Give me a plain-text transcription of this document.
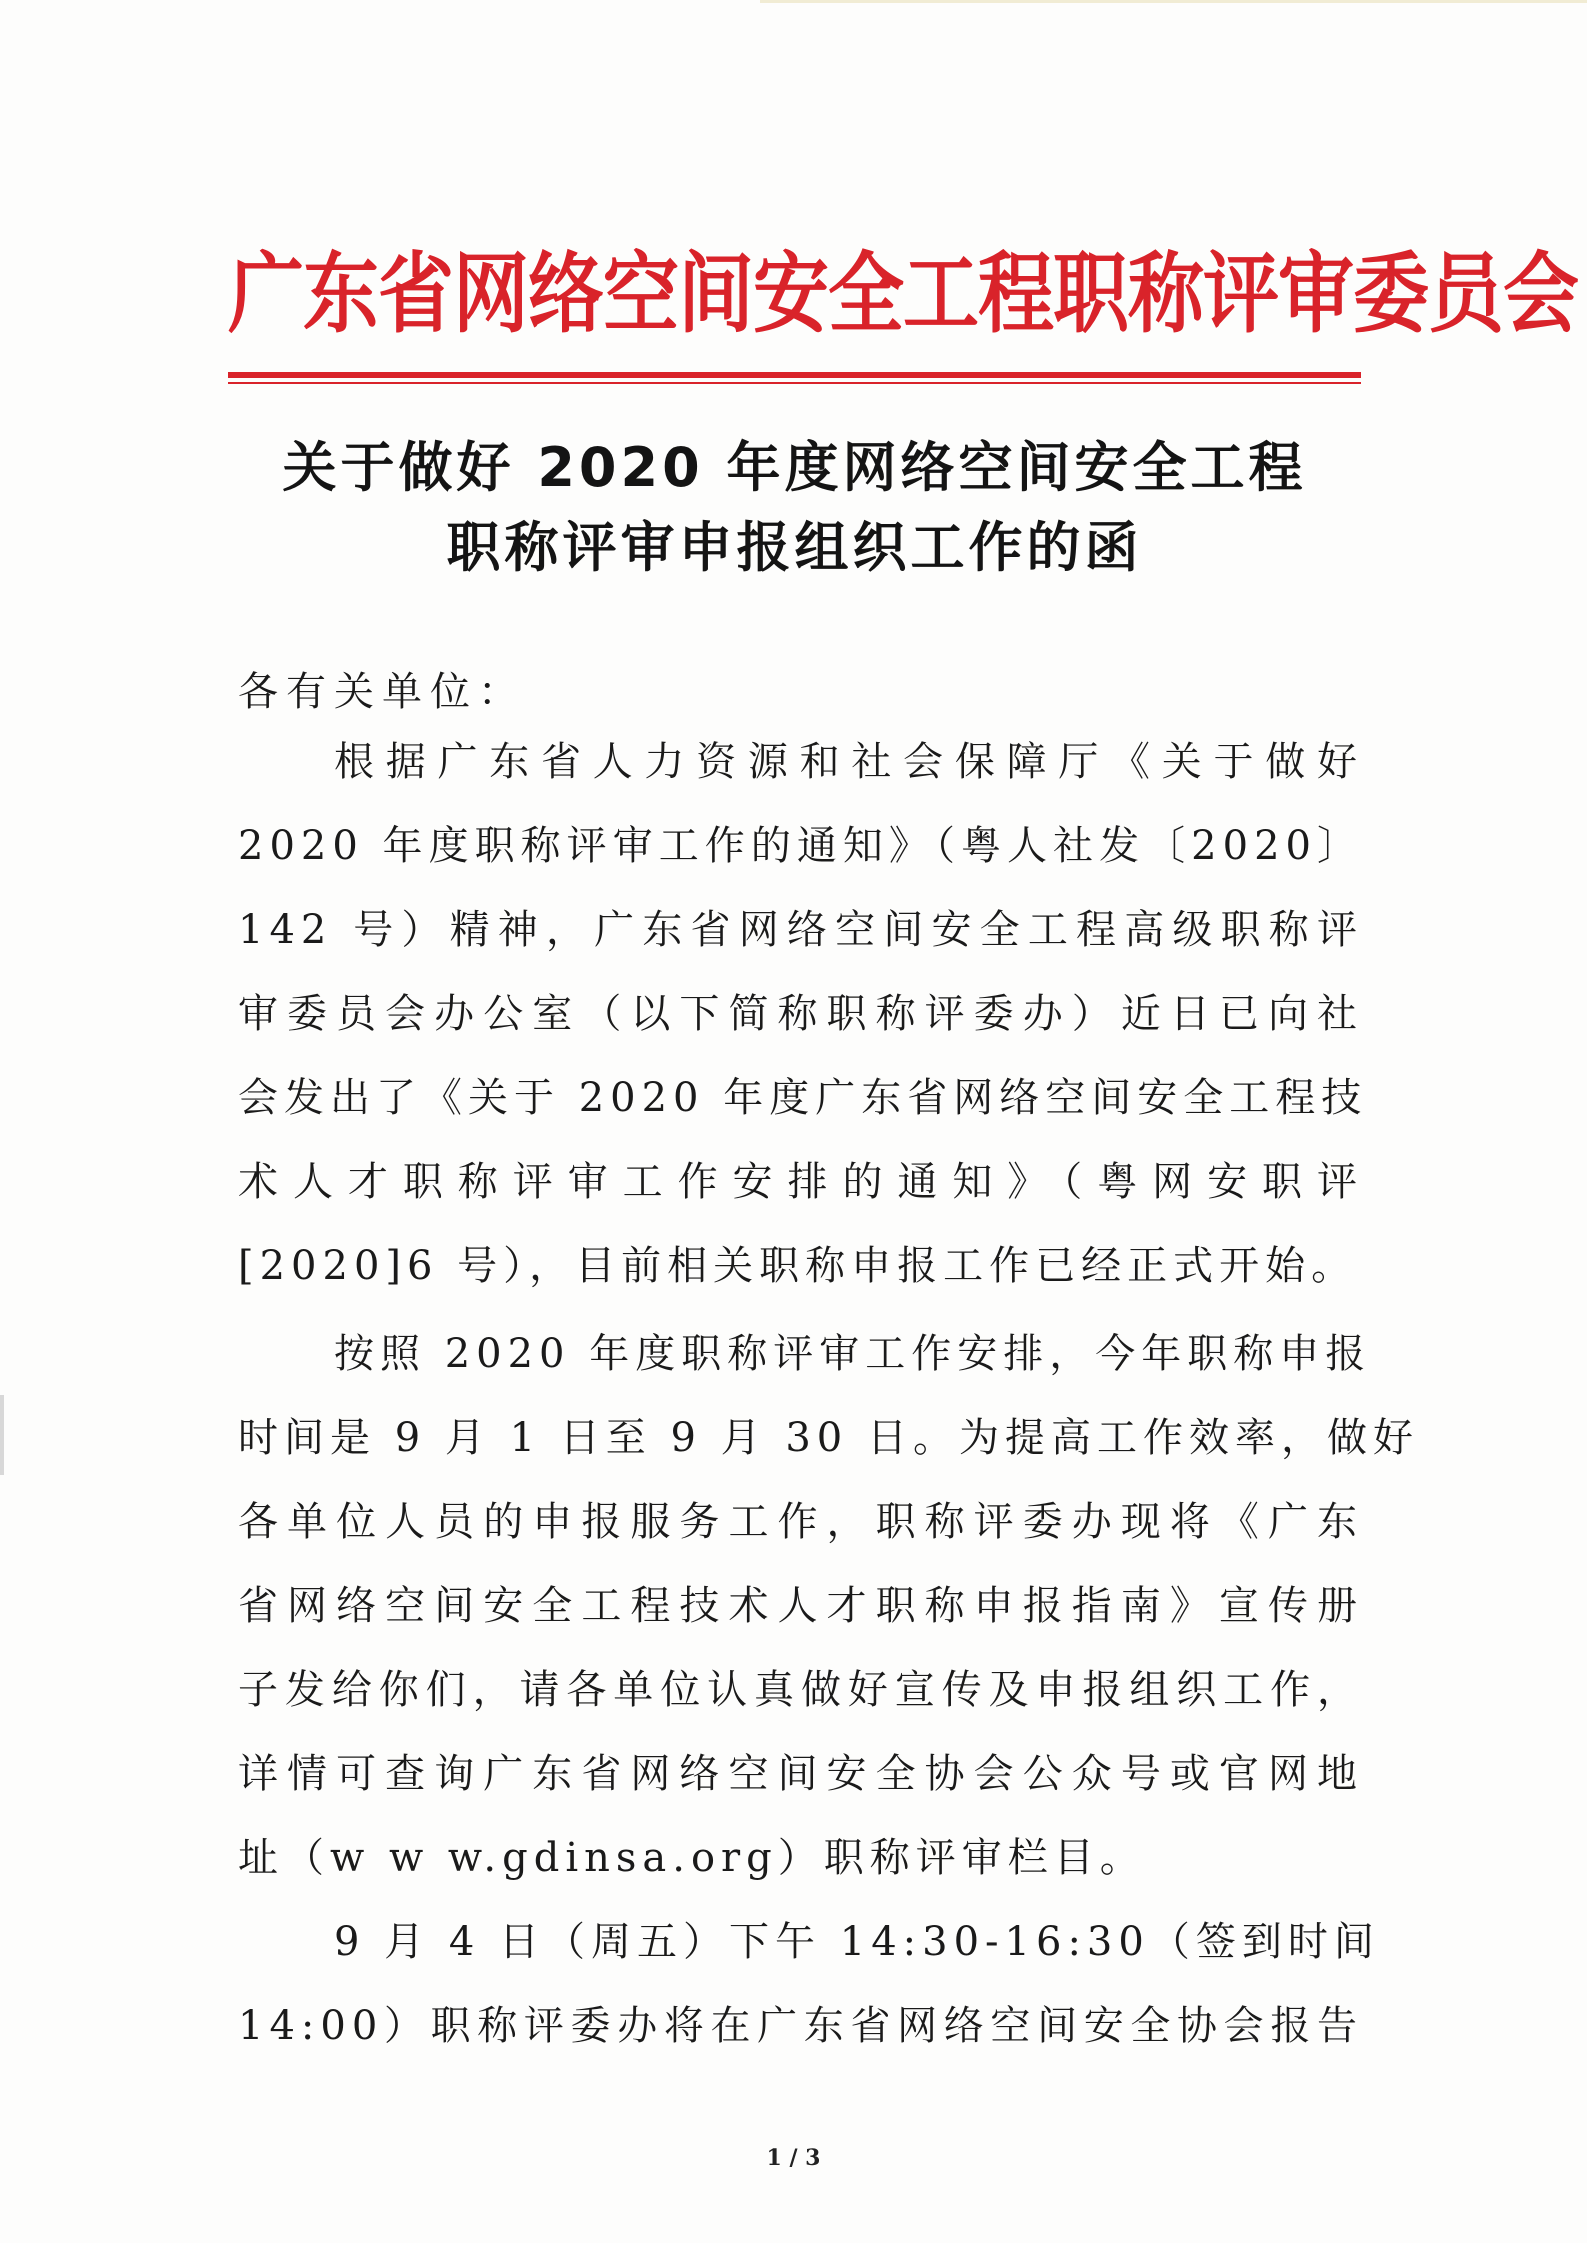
广东省网络空间安全工程职称评审委员会
关于做好 2020 年度网络空间安全工程
职称评审申报组织工作的函
各有关单位：
根据广东省人力资源和社会保障厅《关于做好
2020 年度职称评审工作的通知》（粤人社发〔2020〕
142 号）精神，广东省网络空间安全工程高级职称评
审委员会办公室（以下简称职称评委办）近日已向社
会发出了《关于 2020 年度广东省网络空间安全工程技
术人才职称评审工作安排的通知》（粤网安职评
[2020]6 号），目前相关职称申报工作已经正式开始。
按照 2020 年度职称评审工作安排，今年职称申报
时间是 9 月 1 日至 9 月 30 日。为提高工作效率，做好
各单位人员的申报服务工作，职称评委办现将《广东
省网络空间安全工程技术人才职称申报指南》宣传册
子发给你们，请各单位认真做好宣传及申报组织工作，
详情可查询广东省网络空间安全协会公众号或官网地
址（w w w.gdinsa.org）职称评审栏目。
9 月 4 日（周五）下午 14:30-16:30（签到时间
14:00）职称评委办将在广东省网络空间安全协会报告
1 / 3
